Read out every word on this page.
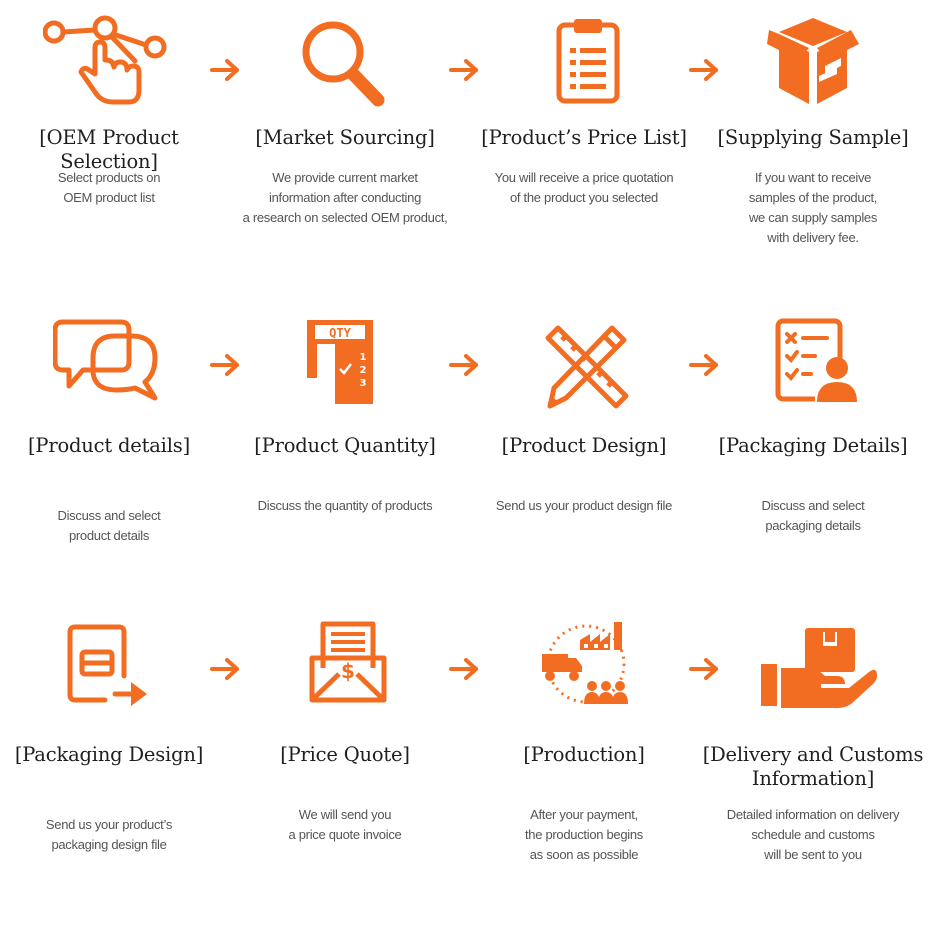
[OEM Product Selection]
Select products on
OEM product list
[Market Sourcing]
We provide current market
information after conducting
a research on selected OEM product,
[Product’s Price List]
You will receive a price quotation
of the product you selected
[Supplying Sample]
If you want to receive
samples of the product,
we can supply samples
with delivery fee.
[Product details]
Discuss and select
product details
QTY
1
2
3
[Product Quantity]
Discuss the quantity of products
[Product Design]
Send us your product design file
[Packaging Details]
Discuss and select
packaging details
[Packaging Design]
Send us your product’s
packaging design file
$
[Price Quote]
We will send you
a price quote invoice
[Production]
After your payment,
the production begins
as soon as possible
[Delivery and Customs
Information]
Detailed information on delivery
schedule and customs
will be sent to you
